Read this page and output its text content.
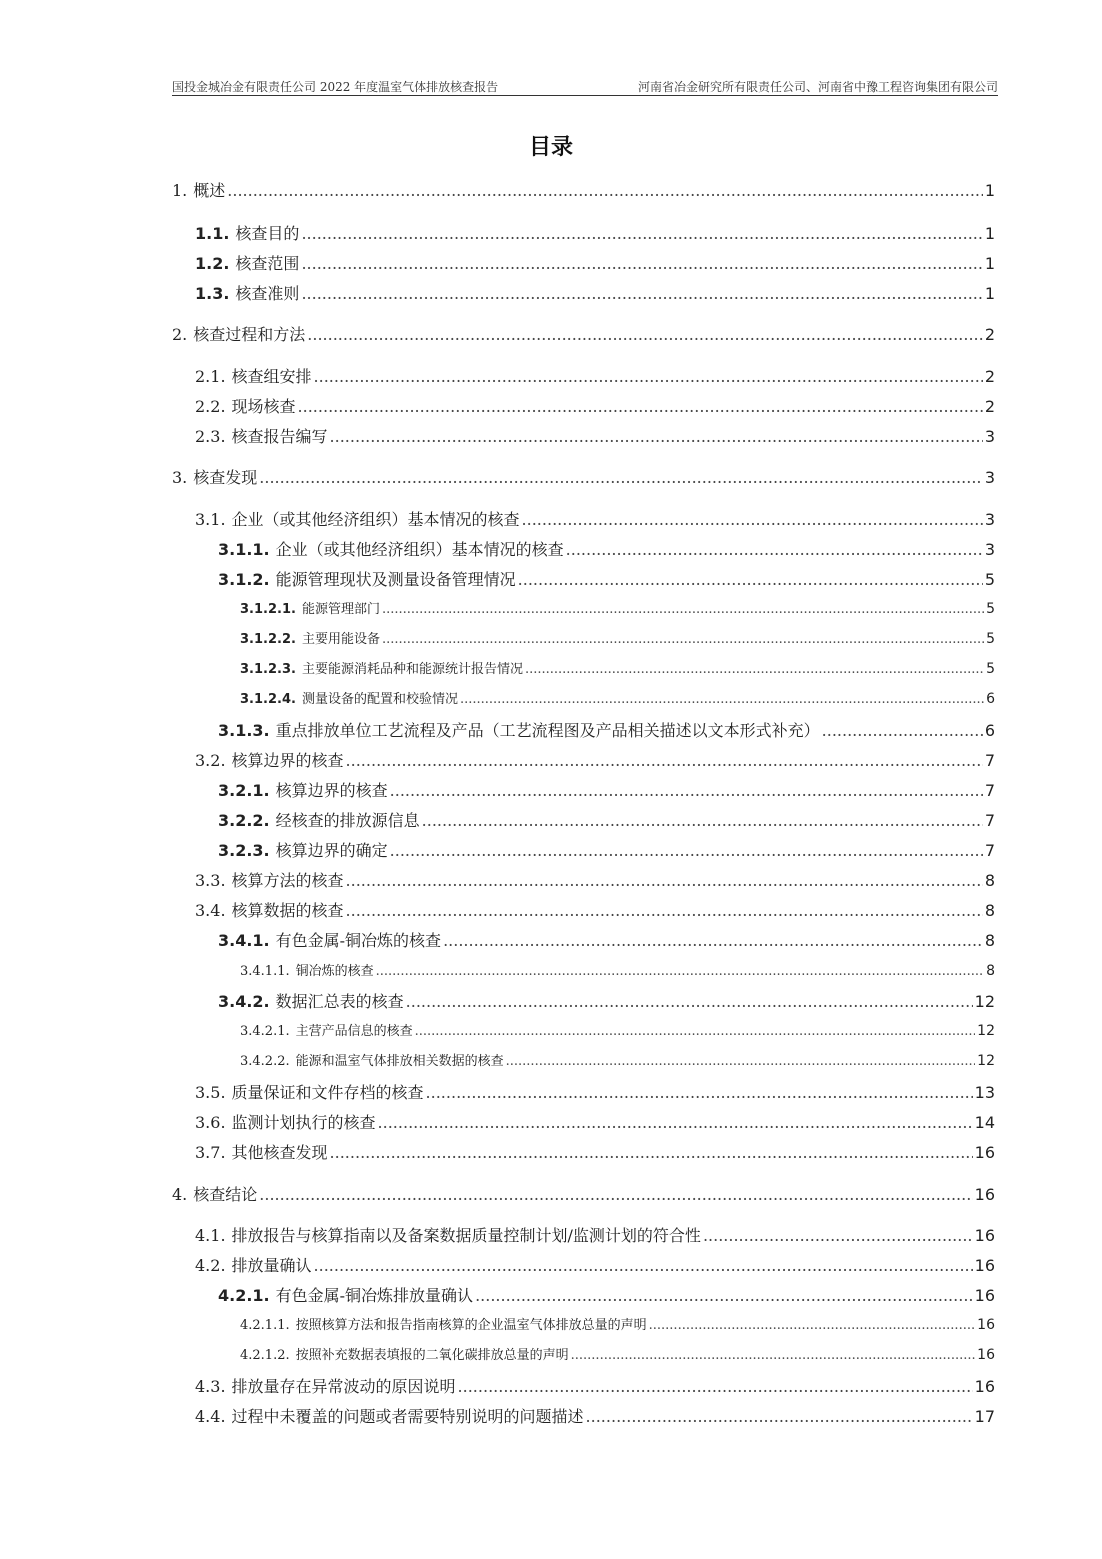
国投金城冶金有限责任公司 2022 年度温室气体排放核查报告	河南省冶金研究所有限责任公司、河南省中豫工程咨询集团有限公司
目录
1. 概述 .....	1
1.1. 核查目的 .....	1
1.2. 核查范围 .....	1
1.3. 核查准则 .....	1
2. 核查过程和方法 .....	2
2.1. 核查组安排 .....	2
2.2. 现场核查 .....	2
2.3. 核查报告编写 .....	3
3. 核查发现 .....	3
3.1. 企业（或其他经济组织）基本情况的核查 .....	3
3.1.1. 企业（或其他经济组织）基本情况的核查 .....	3
3.1.2. 能源管理现状及测量设备管理情况 .....	5
3.1.2.1. 能源管理部门 .....	5
3.1.2.2. 主要用能设备 .....	5
3.1.2.3. 主要能源消耗品种和能源统计报告情况 .....	5
3.1.2.4. 测量设备的配置和校验情况 .....	6
3.1.3. 重点排放单位工艺流程及产品（工艺流程图及产品相关描述以文本形式补充） .....	6
3.2. 核算边界的核查 .....	7
3.2.1. 核算边界的核查 .....	7
3.2.2. 经核查的排放源信息 .....	7
3.2.3. 核算边界的确定 .....	7
3.3. 核算方法的核查 .....	8
3.4. 核算数据的核查 .....	8
3.4.1. 有色金属-铜冶炼的核查 .....	8
3.4.1.1. 铜冶炼的核查 .....	8
3.4.2. 数据汇总表的核查 .....	12
3.4.2.1. 主营产品信息的核查 .....	12
3.4.2.2. 能源和温室气体排放相关数据的核查 .....	12
3.5. 质量保证和文件存档的核查 .....	13
3.6. 监测计划执行的核查 .....	14
3.7. 其他核查发现 .....	16
4. 核查结论 .....	16
4.1. 排放报告与核算指南以及备案数据质量控制计划/监测计划的符合性 .....	16
4.2. 排放量确认 .....	16
4.2.1. 有色金属-铜冶炼排放量确认 .....	16
4.2.1.1. 按照核算方法和报告指南核算的企业温室气体排放总量的声明 .....	16
4.2.1.2. 按照补充数据表填报的二氧化碳排放总量的声明 .....	16
4.3. 排放量存在异常波动的原因说明 .....	16
4.4. 过程中未覆盖的问题或者需要特别说明的问题描述 .....	17
